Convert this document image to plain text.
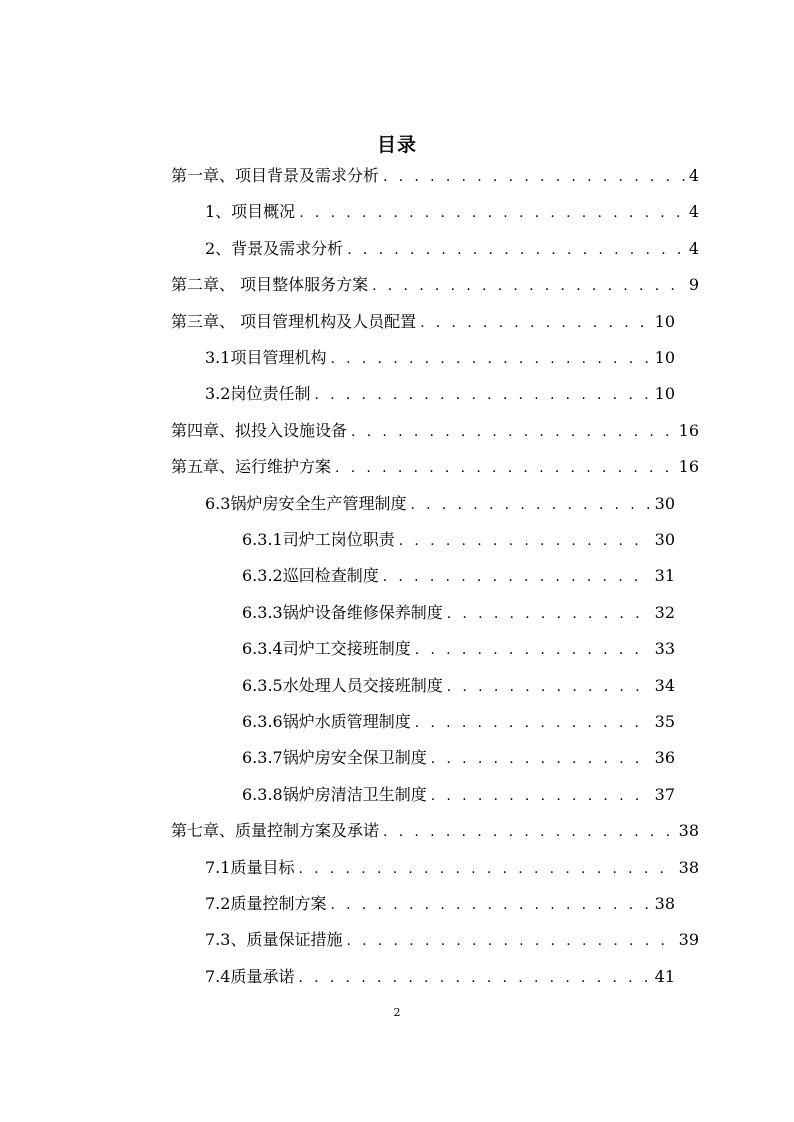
目录
第一章、项目背景及需求分析 . . .	4
1、项目概况 . . .	4
2、背景及需求分析 . . .	4
第二章、 项目整体服务方案 . . .	9
第三章、 项目管理机构及人员配置 . . .	10
3.1项目管理机构 . . .	10
3.2岗位责任制 . . .	10
第四章、拟投入设施设备 . . .	16
第五章、运行维护方案 . . .	16
6.3锅炉房安全生产管理制度 . . .	30
6.3.1司炉工岗位职责 . . .	30
6.3.2巡回检查制度 . . .	31
6.3.3锅炉设备维修保养制度 . . .	32
6.3.4司炉工交接班制度 . . .	33
6.3.5水处理人员交接班制度 . . .	34
6.3.6锅炉水质管理制度 . . .	35
6.3.7锅炉房安全保卫制度 . . .	36
6.3.8锅炉房清洁卫生制度 . . .	37
第七章、质量控制方案及承诺 . . .	38
7.1质量目标 . . .	38
7.2质量控制方案 . . .	38
7.3、质量保证措施 . . .	39
7.4质量承诺 . . .	41
2
